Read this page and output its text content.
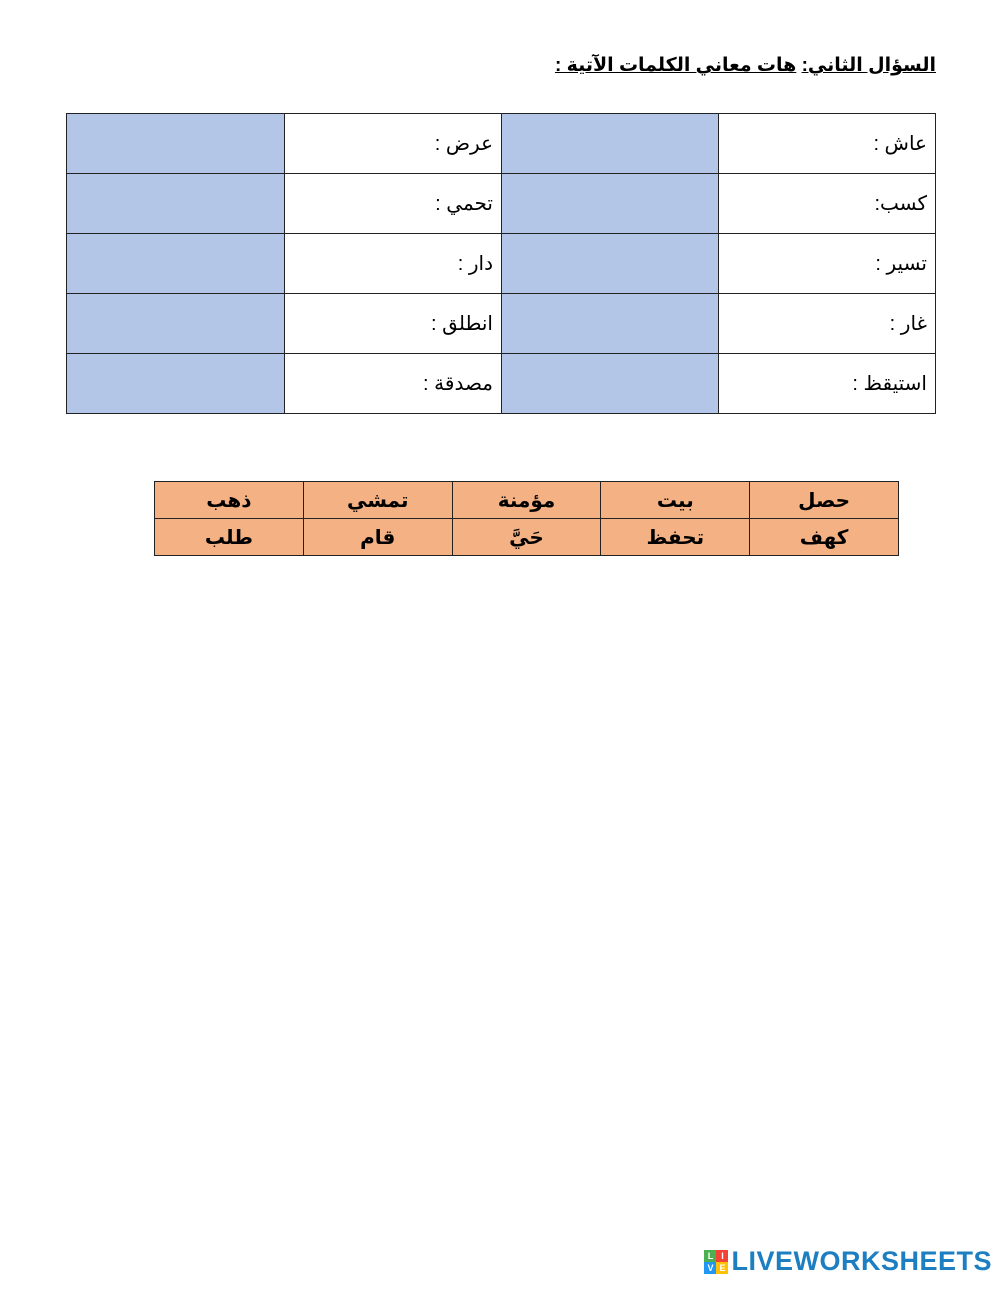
السؤال الثاني: هات معاني الكلمات الآتية :
عاش :		عرض :	
كسب:		تحمي :	
تسير :		دار :	
غار :		انطلق :	
استيقظ :		مصدقة :	
حصل	بيت	مؤمنة	تمشي	ذهب
كهف	تحفظ	حَيَّ	قام	طلب
L I
V E LIVEWORKSHEETS
